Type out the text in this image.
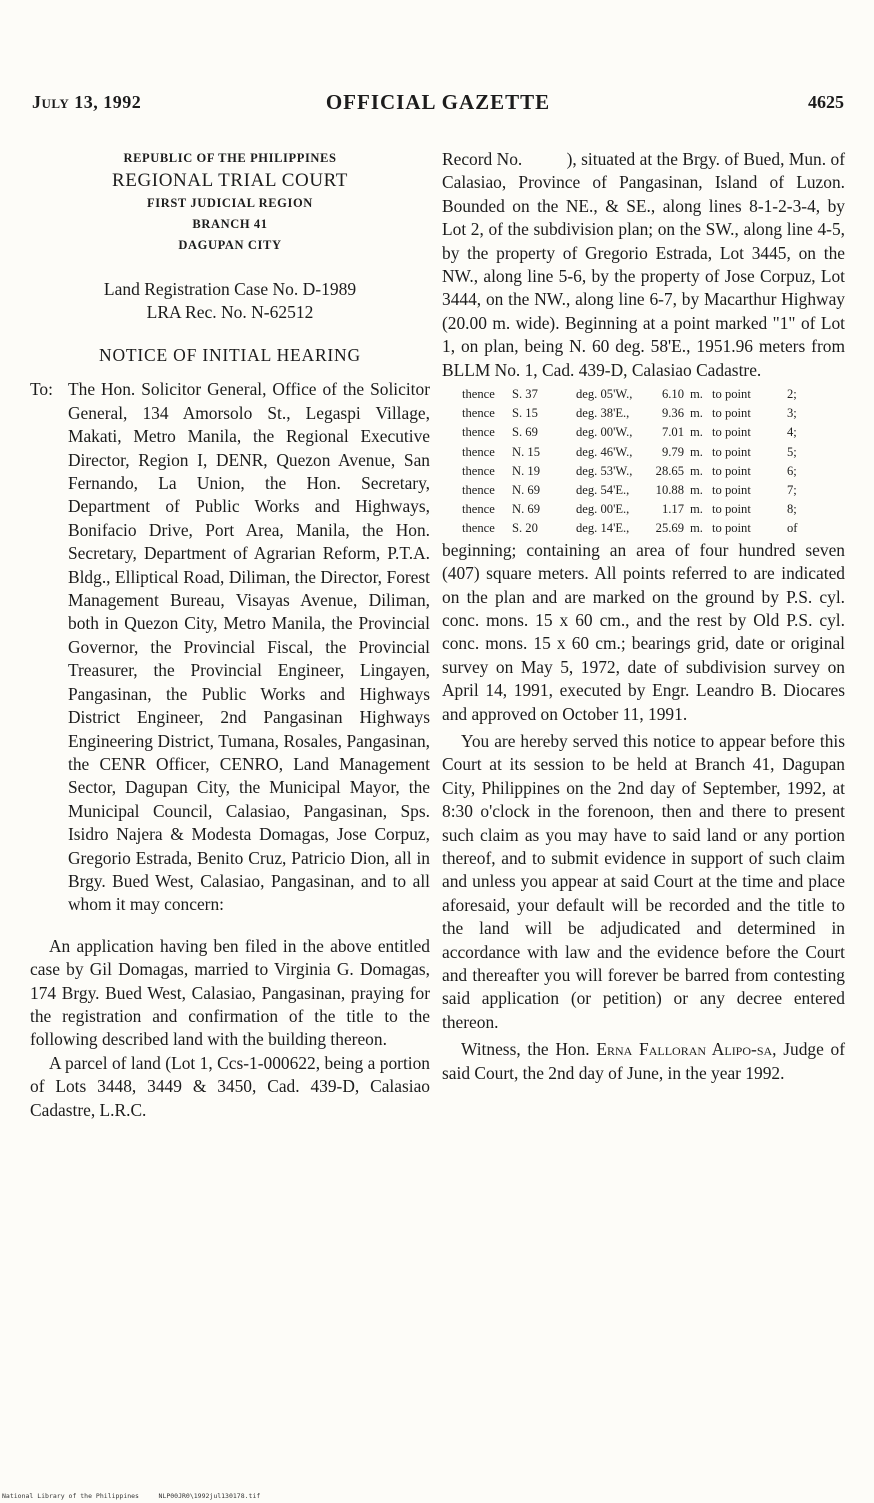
July 13, 1992	OFFICIAL GAZETTE	4625
REPUBLIC OF THE PHILIPPINES
REGIONAL TRIAL COURT
FIRST JUDICIAL REGION
BRANCH 41
DAGUPAN CITY
Land Registration Case No. D-1989
LRA Rec. No. N-62512
NOTICE OF INITIAL HEARING
To: The Hon. Solicitor General, Office of the Solicitor General, 134 Amorsolo St., Legaspi Village, Makati, Metro Manila, the Regional Executive Director, Region I, DENR, Quezon Avenue, San Fernando, La Union, the Hon. Secretary, Department of Public Works and Highways, Bonifacio Drive, Port Area, Manila, the Hon. Secretary, Department of Agrarian Reform, P.T.A. Bldg., Elliptical Road, Diliman, the Director, Forest Management Bureau, Visayas Avenue, Diliman, both in Quezon City, Metro Manila, the Provincial Governor, the Provincial Fiscal, the Provincial Treasurer, the Provincial Engineer, Lingayen, Pangasinan, the Public Works and Highways District Engineer, 2nd Pangasinan Highways Engineering District, Tumana, Rosales, Pangasinan, the CENR Officer, CENRO, Land Management Sector, Dagupan City, the Municipal Mayor, the Municipal Council, Calasiao, Pangasinan, Sps. Isidro Najera & Modesta Domagas, Jose Corpuz, Gregorio Estrada, Benito Cruz, Patricio Dion, all in Brgy. Bued West, Calasiao, Pangasinan, and to all whom it may concern:

An application having ben filed in the above entitled case by Gil Domagas, married to Virginia G. Domagas, 174 Brgy. Bued West, Calasiao, Pangasinan, praying for the registration and confirmation of the title to the following described land with the building thereon.

A parcel of land (Lot 1, Ccs-1-000622, being a portion of Lots 3448, 3449 & 3450, Cad. 439-D, Calasiao Cadastre, L.R.C.

Record No.          ), situated at the Brgy. of Bued, Mun. of Calasiao, Province of Pangasinan, Island of Luzon. Bounded on the NE., & SE., along lines 8-1-2-3-4, by Lot 2, of the subdivision plan; on the SW., along line 4-5, by the property of Gregorio Estrada, Lot 3445, on the NW., along line 5-6, by the property of Jose Corpuz, Lot 3444, on the NW., along line 6-7, by Macarthur Highway (20.00 m. wide). Beginning at a point marked "1" of Lot 1, on plan, being N. 60 deg. 58'E., 1951.96 meters from BLLM No. 1, Cad. 439-D, Calasiao Cadastre.

thence	S. 37	deg. 05'W.,	6.10 m. to point	2;
thence	S. 15	deg. 38'E.,	9.36 m. to point	3;
thence	S. 69	deg. 00'W.,	7.01 m. to point	4;
thence	N. 15	deg. 46'W.,	9.79 m. to point	5;
thence	N. 19	deg. 53'W.,	28.65 m. to point	6;
thence	N. 69	deg. 54'E.,	10.88 m. to point	7;
thence	N. 69	deg. 00'E.,	1.17 m. to point	8;
thence	S. 20	deg. 14'E.,	25.69 m. to point	of

beginning; containing an area of four hundred seven (407) square meters. All points referred to are indicated on the plan and are marked on the ground by P.S. cyl. conc. mons. 15 x 60 cm., and the rest by Old P.S. cyl. conc. mons. 15 x 60 cm.; bearings grid, date or original survey on May 5, 1972, date of subdivision survey on April 14, 1991, executed by Engr. Leandro B. Diocares and approved on October 11, 1991.

You are hereby served this notice to appear before this Court at its session to be held at Branch 41, Dagupan City, Philippines on the 2nd day of September, 1992, at 8:30 o'clock in the forenoon, then and there to present such claim as you may have to said land or any portion thereof, and to submit evidence in support of such claim and unless you appear at said Court at the time and place aforesaid, your default will be recorded and the title to the land will be adjudicated and determined in accordance with law and the evidence before the Court and thereafter you will forever be barred from contesting said application (or petition) or any decree entered thereon.

Witness, the Hon. Erna Falloran Alipo-sa, Judge of said Court, the 2nd day of June, in the year 1992.

National Library of the Philippines     NLP00JR0\1992jul130178.tif
